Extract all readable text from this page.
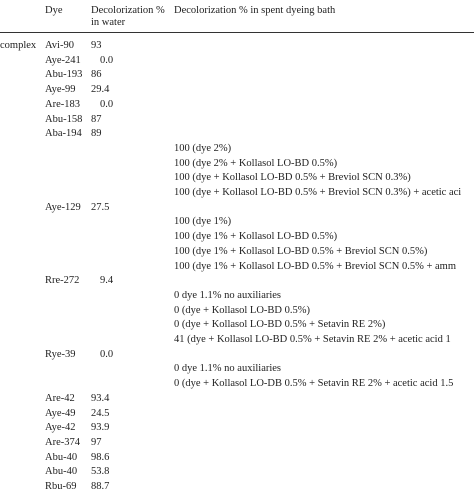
Dye	Decolorization %
in water
Decolorization % in spent dyeing bath
complex Avi-90 93
Aye-241	0.0
Abu-193 86
Aye-99 29.4
Are-183	0.0
Abu-158 87
Aba-194 89
100 (dye 2%)
100 (dye 2% + Kollasol LO-BD 0.5%)
100 (dye + Kollasol LO-BD 0.5% + Breviol SCN 0.3%)
100 (dye + Kollasol LO-BD 0.5% + Breviol SCN 0.3%) + acetic aci
Aye-129 27.5
100 (dye 1%)
100 (dye 1% + Kollasol LO-BD 0.5%)
100 (dye 1% + Kollasol LO-BD 0.5% + Breviol SCN 0.5%)
100 (dye 1% + Kollasol LO-BD 0.5% + Breviol SCN 0.5% + amm
Rre-272	9.4
0 dye 1.1% no auxiliaries
0 (dye + Kollasol LO-BD 0.5%)
0 (dye + Kollasol LO-BD 0.5% + Setavin RE 2%)
41 (dye + Kollasol LO-BD 0.5% + Setavin RE 2% + acetic acid 1
Rye-39	0.0
0 dye 1.1% no auxiliaries
0 (dye + Kollasol LO-DB 0.5% + Setavin RE 2% + acetic acid 1.5
Are-42 93.4
Aye-49 24.5
Aye-42 93.9
Are-374 97
Abu-40 98.6
Abu-40 53.8
Rbu-69 88.7
